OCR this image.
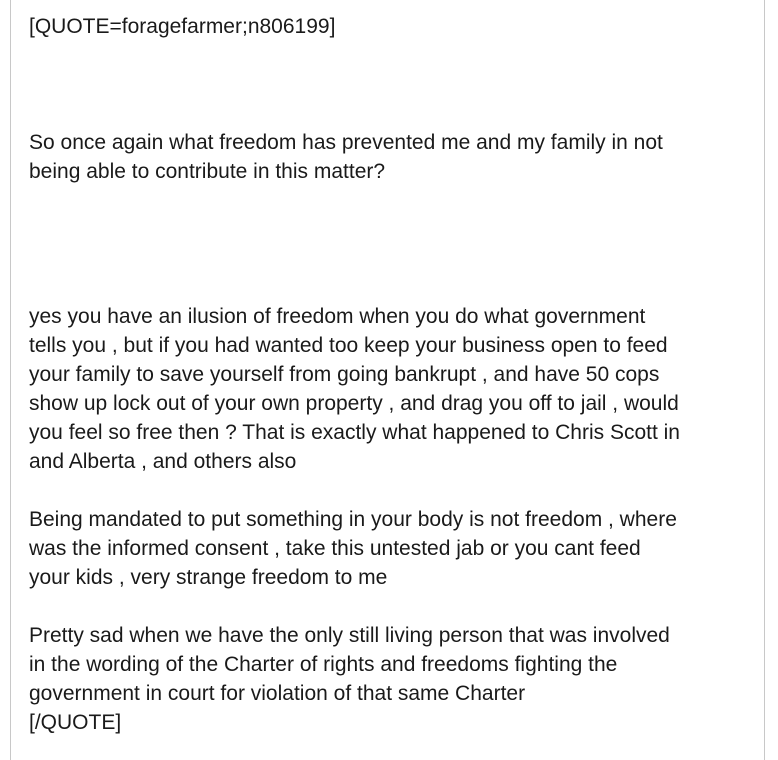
[QUOTE=foragefarmer;n806199]
So once again what freedom has prevented me and my family in not
being able to contribute in this matter?
yes you have an ilusion of freedom when you do what government
tells you , but if you had wanted too keep your business open to feed
your family to save yourself from going bankrupt , and have 50 cops
show up lock out of your own property , and drag you off to jail , would
you feel so free then ? That is exactly what happened to Chris Scott in
and Alberta , and others also
Being mandated to put something in your body is not freedom , where
was the informed consent , take this untested jab or you cant feed
your kids , very strange freedom to me
Pretty sad when we have the only still living person that was involved
in the wording of the Charter of rights and freedoms fighting the
government in court for violation of that same Charter
[/QUOTE]
